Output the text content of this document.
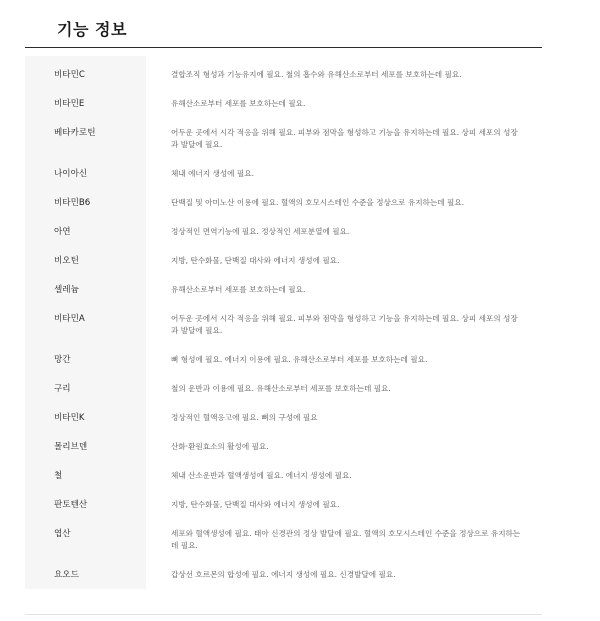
기능 정보
비타민C	결합조직 형성과 기능유지에 필요. 철의 흡수와 유해산소로부터 세포를 보호하는데 필요.

비타민E	유해산소로부터 세포를 보호하는데 필요.

베타카로틴	어두운 곳에서 시각 적응을 위해 필요. 피부와 점막을 형성하고 기능을 유지하는데 필요. 상피 세포의 성장과 발달에 필요.

나이아신	체내 에너지 생성에 필요.

비타민B6	단백질 및 아미노산 이용에 필요. 혈액의 호모시스테인 수준을 정상으로 유지하는데 필요.

아연	정상적인 면역기능에 필요. 정상적인 세포분열에 필요.

비오틴	지방, 탄수화물, 단백질 대사와 에너지 생성에 필요.

셀레늄	유해산소로부터 세포를 보호하는데 필요.

비타민A	어두운 곳에서 시각 적응을 위해 필요. 피부와 점막을 형성하고 기능을 유지하는데 필요. 상피 세포의 성장과 발달에 필요.

망간	뼈 형성에 필요. 에너지 이용에 필요. 유해산소로부터 세포를 보호하는데 필요.

구리	철의 운반과 이용에 필요. 유해산소로부터 세포를 보호하는데 필요.

비타민K	정상적인 혈액응고에 필요. 뼈의 구성에 필요

몰리브덴	산화·환원효소의 활성에 필요.

철	체내 산소운반과 혈액생성에 필요. 에너지 생성에 필요.

판토텐산	지방, 탄수화물, 단백질 대사와 에너지 생성에 필요.

엽산	세포와 혈액생성에 필요. 태아 신경관의 정상 발달에 필요. 혈액의 호모시스테인 수준을 정상으로 유지하는데 필요.

요오드	갑상선 호르몬의 합성에 필요. 에너지 생성에 필요. 신경발달에 필요.
